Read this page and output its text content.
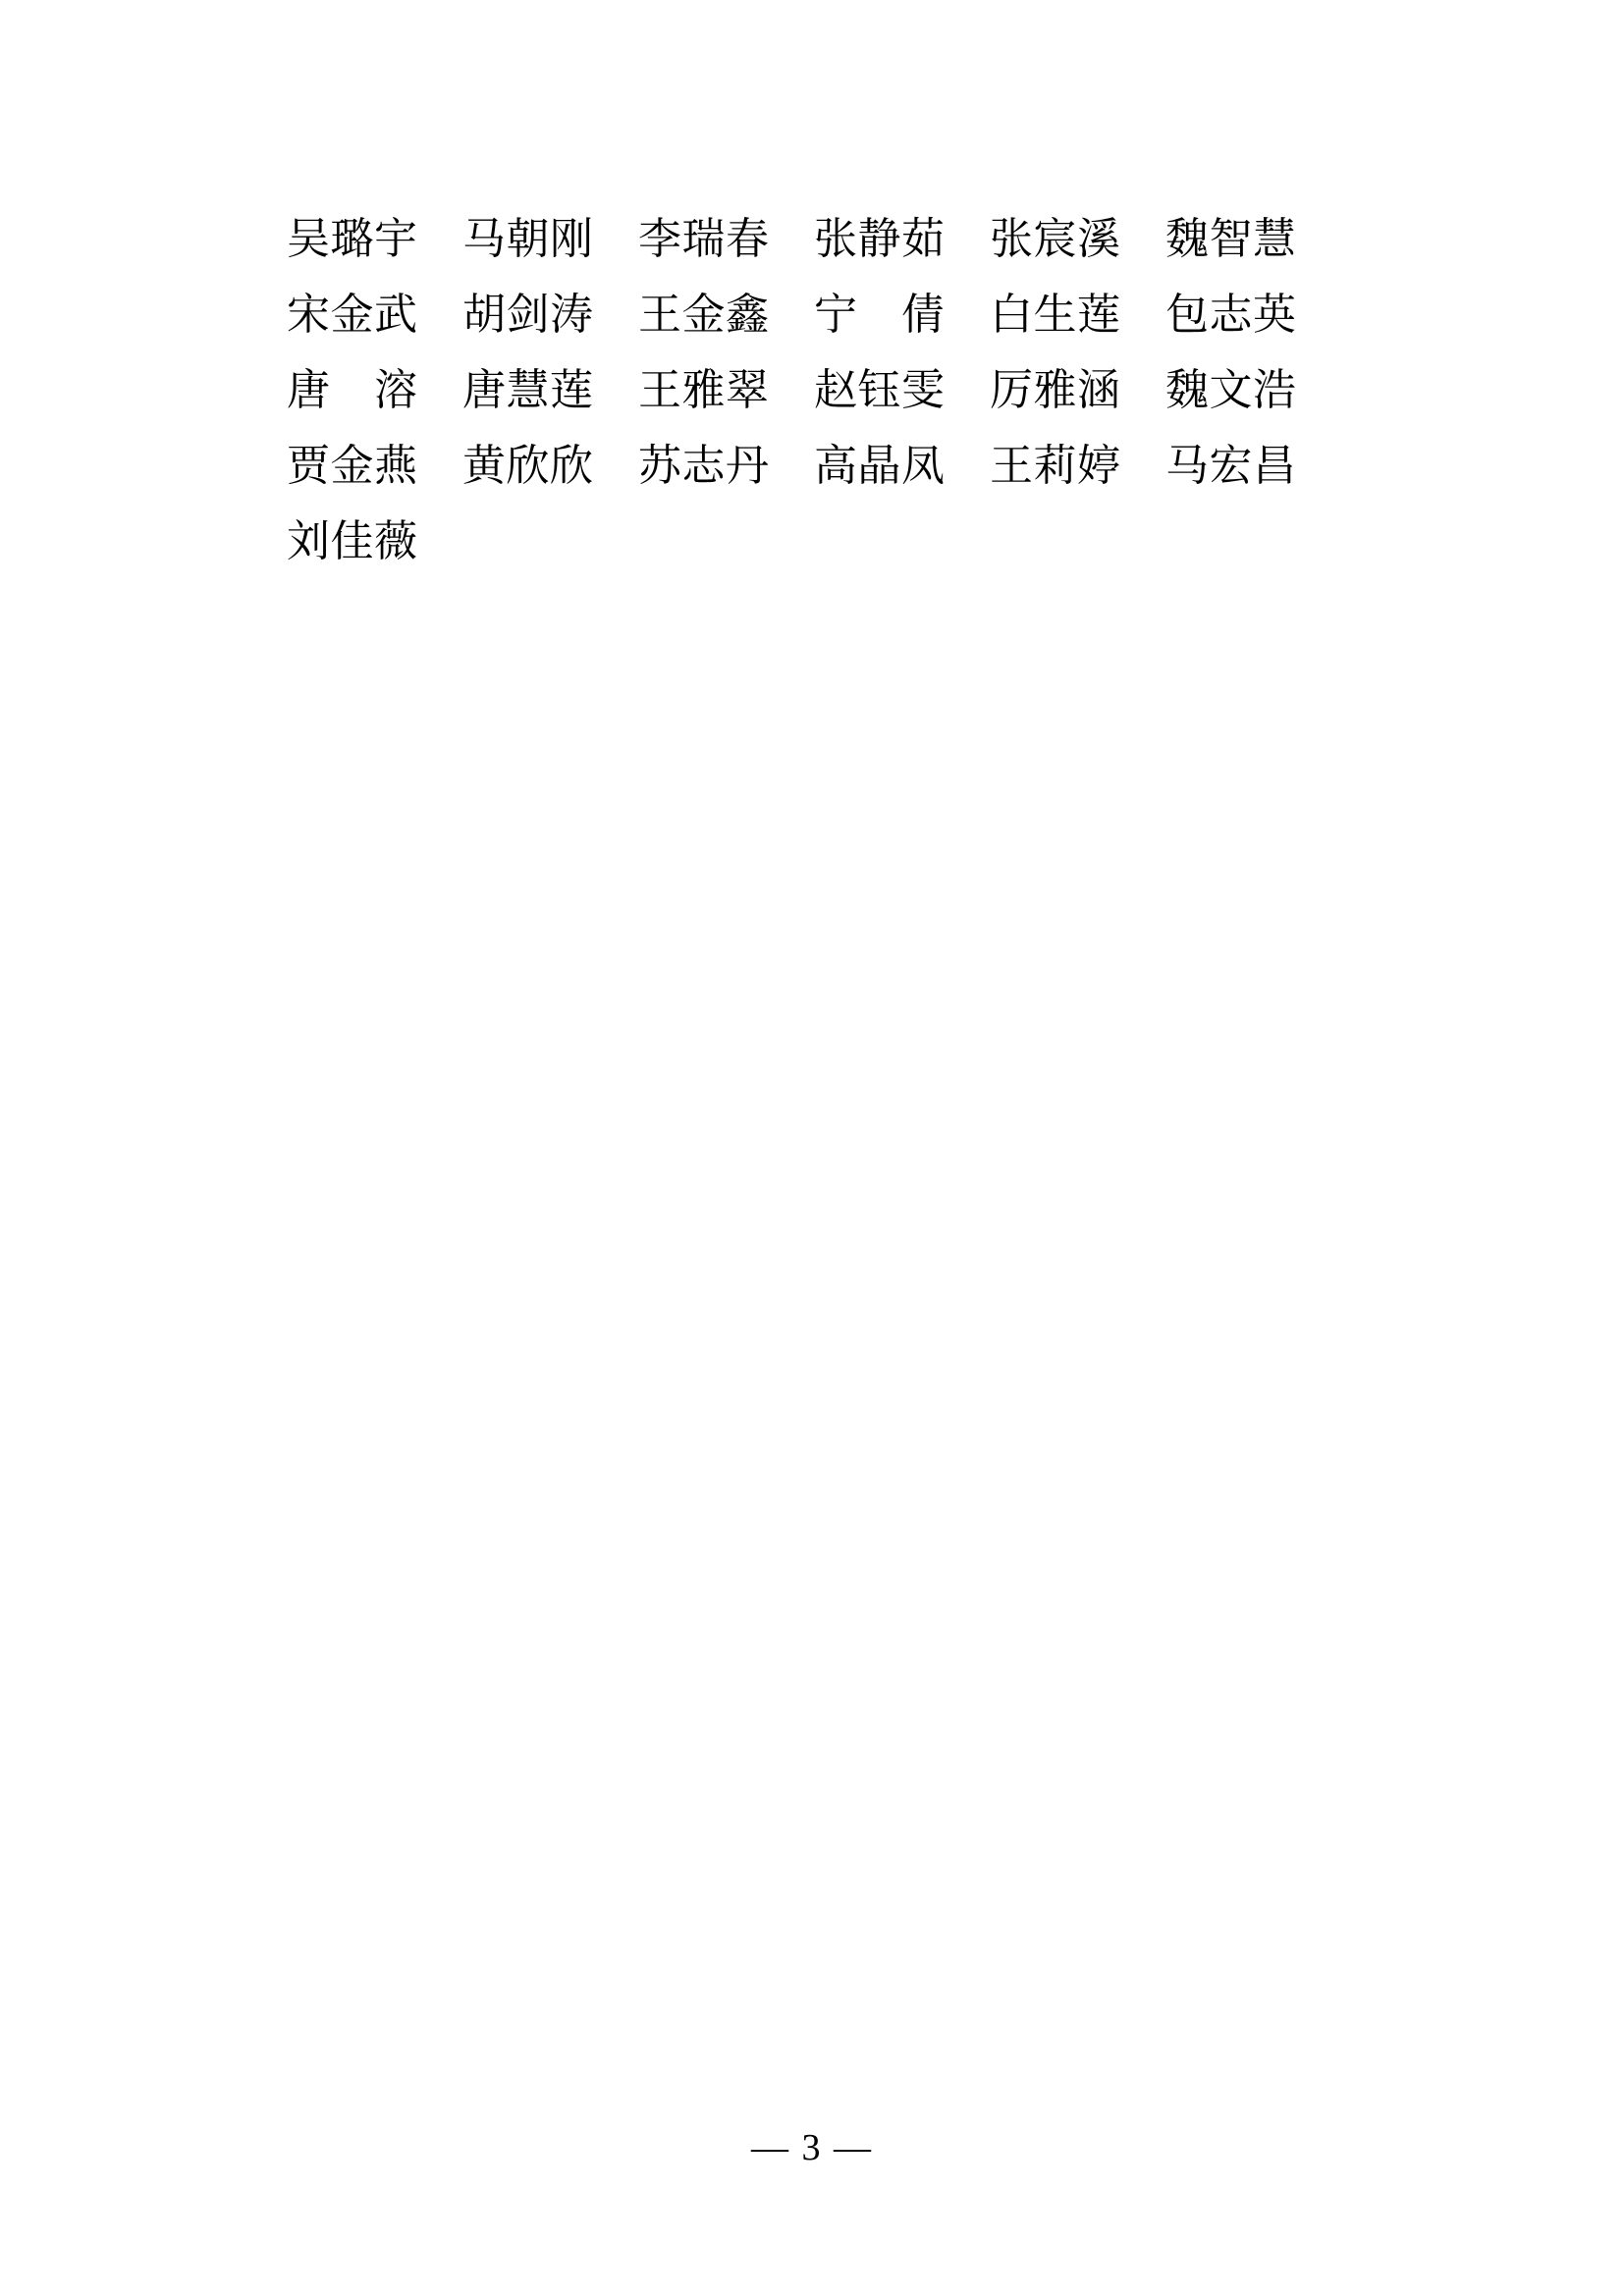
吴璐宇 马朝刚 李瑞春 张静茹 张宸溪 魏智慧
宋金武 胡剑涛 王金鑫 宁　倩 白生莲 包志英
唐　溶 唐慧莲 王雅翠 赵钰雯 厉雅涵 魏文浩
贾金燕 黄欣欣 苏志丹 高晶凤 王莉婷 马宏昌
刘佳薇
— 3 —
